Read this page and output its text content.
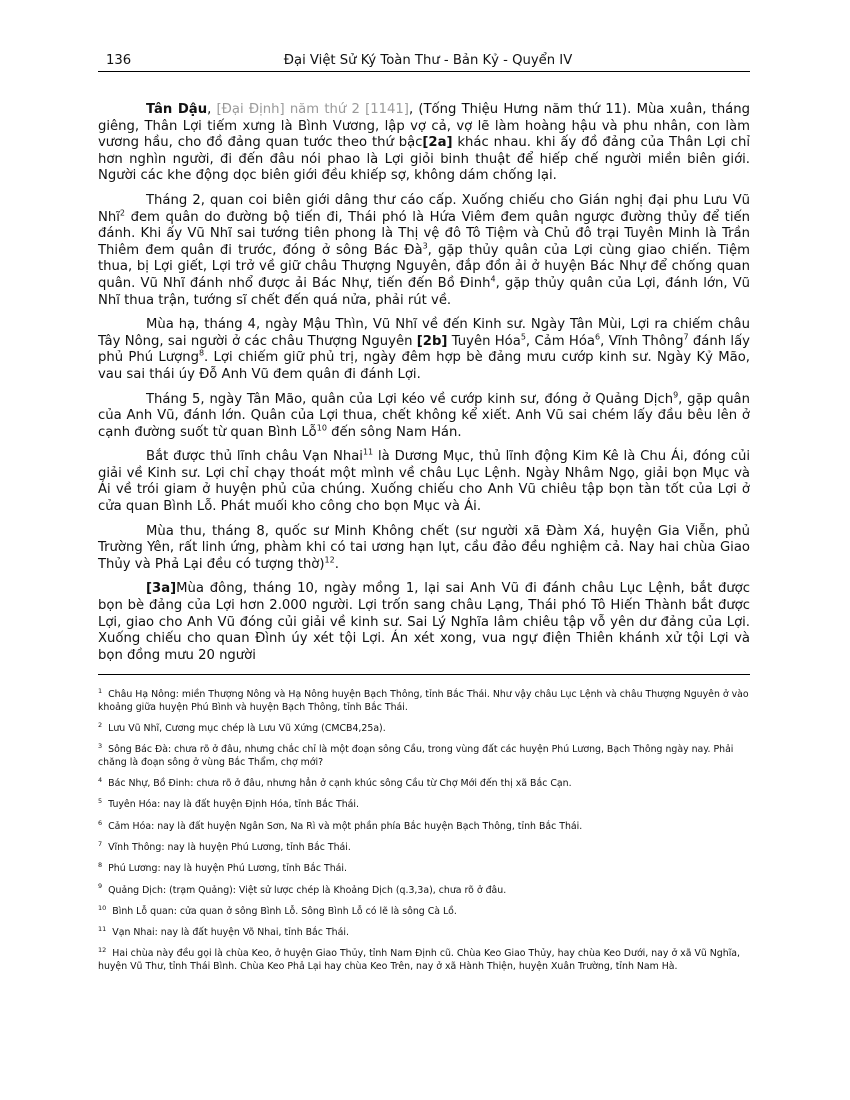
136	Đại Việt Sử Ký Toàn Thư - Bản Kỷ - Quyển IV

Tân Dậu, [Đại Định] năm thứ 2 [1141], (Tống Thiệu Hưng năm thứ 11). Mùa xuân, tháng giêng, Thân Lợi tiếm xưng là Bình Vương, lập vợ cả, vợ lẽ làm hoàng hậu và phu nhân, con làm vương hầu, cho đồ đảng quan tước theo thứ bậc[2a] khác nhau. khi ấy đồ đảng của Thân Lợi chỉ hơn nghìn người, đi đến đâu nói phao là Lợi giỏi binh thuật để hiếp chế người miền biên giới. Người các khe động dọc biên giới đều khiếp sợ, không dám chống lại.

Tháng 2, quan coi biên giới dâng thư cáo cấp. Xuống chiếu cho Gián nghị đại phu Lưu Vũ Nhĩ$^2$ đem quân do đường bộ tiến đi, Thái phó là Hứa Viêm đem quân ngược đường thủy để tiến đánh. Khi ấy Vũ Nhĩ sai tướng tiên phong là Thị vệ đô Tô Tiệm và Chủ đô trại Tuyên Minh là Trần Thiêm đem quân đi trước, đóng ở sông Bác $Đà^3$, gặp thủy quân của Lợi cùng giao chiến. Tiệm thua, bị Lợi giết, Lợi trở về giữ châu Thượng Nguyên, đắp đồn ải ở huyện Bác Nhự để chống quan quân. Vũ Nhĩ đánh nhổ được ải Bác Nhự, tiến đến Bồ Đinh$^4$, gặp thủy quân của Lợi, đánh lớn, Vũ Nhĩ thua trận, tướng sĩ chết đến quá nửa, phải rút về.

Mùa hạ, tháng 4, ngày Mậu Thìn, Vũ Nhĩ về đến Kinh sư. Ngày Tân Mùi, Lợi ra chiếm châu Tây Nông, sai người ở các châu Thượng Nguyên [2b] Tuyên Hóa$^5$, Cảm Hóa$^6$, Vĩnh Thông$^7$ đánh lấy phủ Phú Lượng$^8$. Lợi chiếm giữ phủ trị, ngày đêm hợp bè đảng mưu cướp kinh sư. Ngày Kỷ Mão, vau sai thái úy Đỗ Anh Vũ đem quân đi đánh Lợi.

Tháng 5, ngày Tân Mão, quân của Lợi kéo về cướp kinh sư, đóng ở Quảng Dịch$^9$, gặp quân của Anh Vũ, đánh lớn. Quân của Lợi thua, chết không kể xiết. Anh Vũ sai chém lấy đầu bêu lên ở cạnh đường suốt từ quan Bình Lỗ$^{10}$ đến sông Nam Hán.

Bắt được thủ lĩnh châu Vạn Nhai$^{11}$ là Dương Mục, thủ lĩnh động Kim Kê là Chu Ái, đóng củi giải về Kinh sư. Lợi chỉ chạy thoát một mình về châu Lục Lệnh. Ngày Nhâm Ngọ, giải bọn Mục và Ái về trói giam ở huyện phủ của chúng. Xuống chiếu cho Anh Vũ chiêu tập bọn tàn tốt của Lợi ở cửa quan Bình Lỗ. Phát muối kho công cho bọn Mục và Ái.

Mùa thu, tháng 8, quốc sư Minh Không chết (sư người xã Đàm Xá, huyện Gia Viễn, phủ Trường Yên, rất linh ứng, phàm khi có tai ương hạn lụt, cầu đảo đều nghiệm cả. Nay hai chùa Giao Thủy và Phả Lại đều có tượng thờ)$^{12}$.

[3a]Mùa đông, tháng 10, ngày mồng 1, lại sai Anh Vũ đi đánh châu Lục Lệnh, bắt được bọn bè đảng của Lợi hơn 2.000 người. Lợi trốn sang châu Lạng, Thái phó Tô Hiến Thành bắt được Lợi, giao cho Anh Vũ đóng củi giải về kinh sư. Sai Lý Nghĩa lâm chiêu tập vỗ yên dư đảng của Lợi. Xuống chiếu cho quan Đình úy xét tội Lợi. Án xét xong, vua ngự điện Thiên khánh xử tội Lợi và bọn đồng mưu 20 người

$^1$ Châu Hạ Nông: miền Thượng Nông và Hạ Nông huyện Bạch Thông, tỉnh Bắc Thái. Như vậy châu Lục Lệnh và châu Thượng Nguyên ở vào khoảng giữa huyện Phú Bình và huyện Bạch Thông, tỉnh Bắc Thái.
$^2$ Lưu Vũ Nhĩ, Cương mục chép là Lưu Vũ Xứng (CMCB4,25a).
$^3$ Sông Bác Đà: chưa rõ ở đâu, nhưng chắc chỉ là một đoạn sông Cầu, trong vùng đất các huyện Phú Lương, Bạch Thông ngày nay. Phải chăng là đoạn sông ở vùng Bắc Thẩm, chợ mới?
$^4$ Bác Nhự, Bồ Đinh: chưa rõ ở đâu, nhưng hẳn ở cạnh khúc sông Cầu từ Chợ Mới đến thị xã Bắc Cạn.
$^5$ Tuyên Hóa: nay là đất huyện Định Hóa, tỉnh Bắc Thái.
$^6$ Cảm Hóa: nay là đất huyện Ngân Sơn, Na Rì và một phần phía Bắc huyện Bạch Thông, tỉnh Bắc Thái.
$^7$ Vĩnh Thông: nay là huyện Phú Lương, tỉnh Bắc Thái.
$^8$ Phú Lương: nay là huyện Phú Lương, tỉnh Bắc Thái.
$^9$ Quảng Dịch: (trạm Quảng): Việt sử lược chép là Khoảng Dịch (q.3,3a), chưa rõ ở đâu.
$^{10}$ Bình Lỗ quan: cửa quan ở sông Bình Lỗ. Sông Bình Lỗ có lẽ là sông Cà Lồ.
$^{11}$ Vạn Nhai: nay là đất huyện Võ Nhai, tỉnh Bắc Thái.
$^{12}$ Hai chùa này đều gọi là chùa Keo, ở huyện Giao Thủy, tỉnh Nam Định cũ. Chùa Keo Giao Thủy, hay chùa Keo Dưới, nay ở xã Vũ Nghĩa, huyện Vũ Thư, tỉnh Thái Bình. Chùa Keo Phả Lại hay chùa Keo Trên, nay ở xã Hành Thiện, huyện Xuân Trường, tỉnh Nam Hà.
